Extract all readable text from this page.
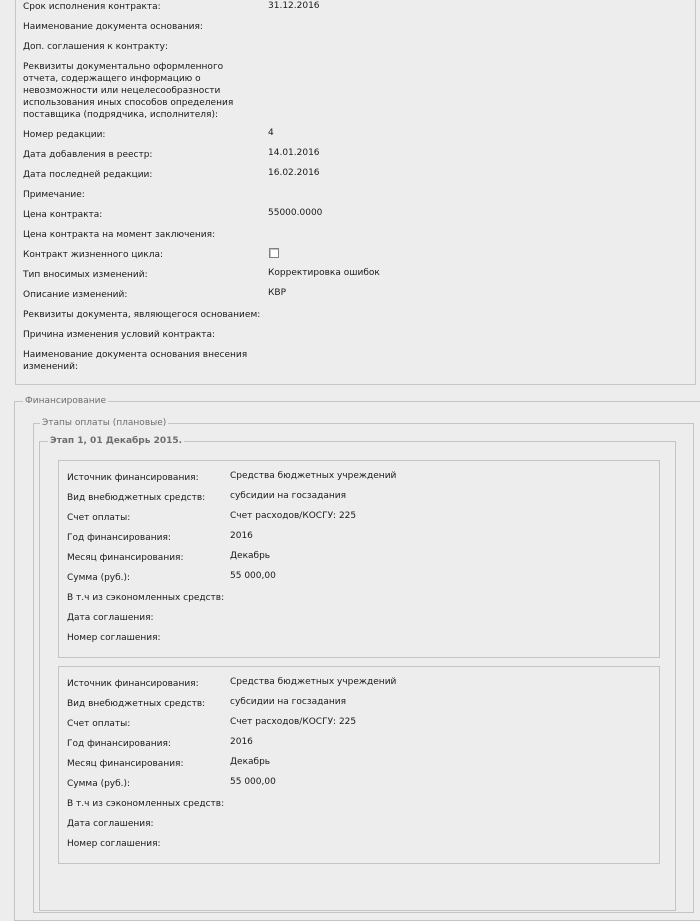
Срок исполнения контракта:	31.12.2016
Наименование документа основания:
Доп. соглашения к контракту:
Реквизиты документально оформленного отчета, содержащего информацию о невозможности или нецелесообразности использования иных способов определения поставщика (подрядчика, исполнителя):
Номер редакции:	4
Дата добавления в реестр:	14.01.2016
Дата последней редакции:	16.02.2016
Примечание:
Цена контракта:	55000.0000
Цена контракта на момент заключения:
Контракт жизненного цикла:
Тип вносимых изменений:	Корректировка ошибок
Описание изменений:	КВР
Реквизиты документа, являющегося основанием:
Причина изменения условий контракта:
Наименование документа основания внесения изменений:
Финансирование
Этапы оплаты (плановые)
Этап 1, 01 Декабрь 2015.
Источник финансирования:	Средства бюджетных учреждений
Вид внебюджетных средств:	субсидии на госзадания
Счет оплаты:	Счет расходов/КОСГУ: 225
Год финансирования:	2016
Месяц финансирования:	Декабрь
Сумма (руб.):	55 000,00
В т.ч из сэкономленных средств:
Дата соглашения:
Номер соглашения:
Источник финансирования:	Средства бюджетных учреждений
Вид внебюджетных средств:	субсидии на госзадания
Счет оплаты:	Счет расходов/КОСГУ: 225
Год финансирования:	2016
Месяц финансирования:	Декабрь
Сумма (руб.):	55 000,00
В т.ч из сэкономленных средств:
Дата соглашения:
Номер соглашения:
